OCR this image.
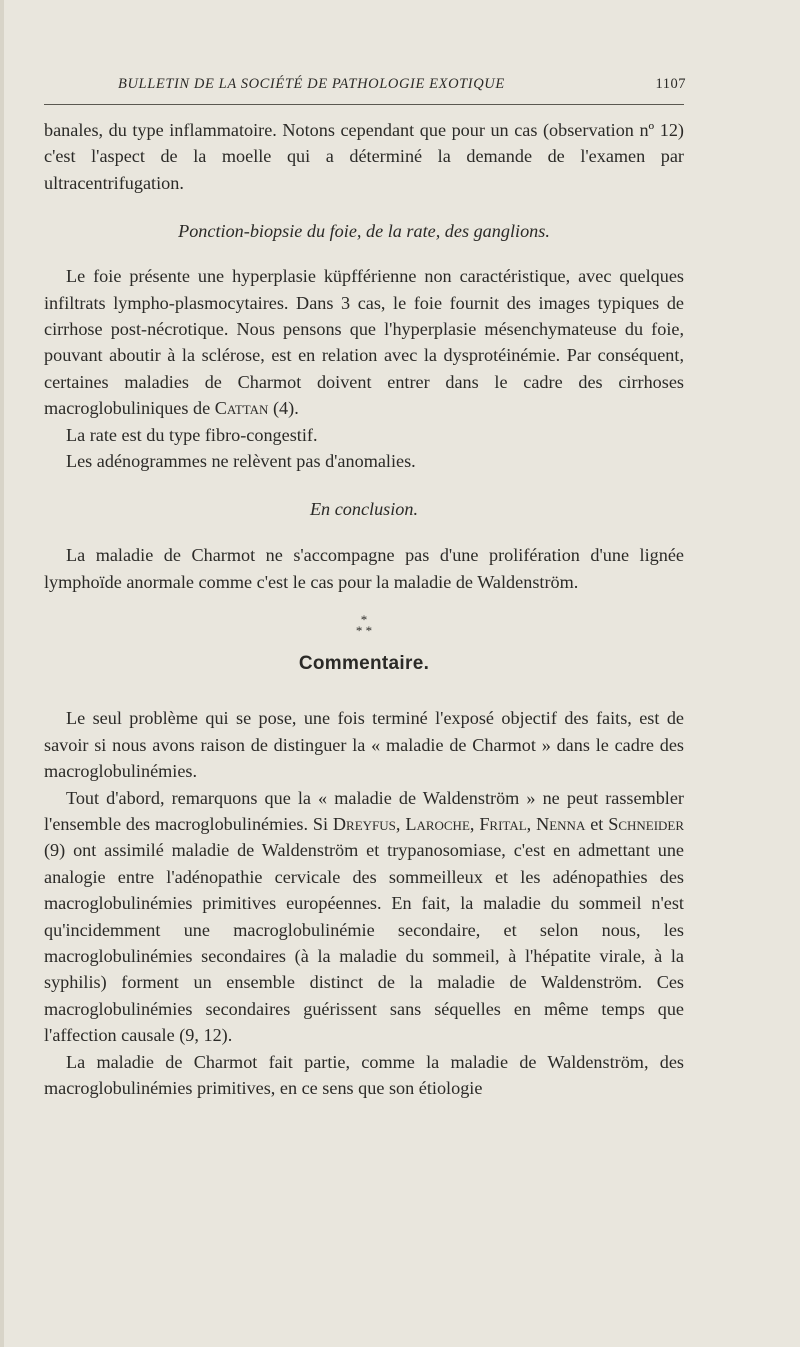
BULLETIN DE LA SOCIÉTÉ DE PATHOLOGIE EXOTIQUE	1107

banales, du type inflammatoire. Notons cependant que pour un cas (observation nº 12) c'est l'aspect de la moelle qui a déterminé la demande de l'examen par ultracentrifugation.

Ponction-biopsie du foie, de la rate, des ganglions.

Le foie présente une hyperplasie küpfférienne non caractéristique, avec quelques infiltrats lympho-plasmocytaires. Dans 3 cas, le foie fournit des images typiques de cirrhose post-nécrotique. Nous pensons que l'hyperplasie mésenchymateuse du foie, pouvant aboutir à la sclérose, est en relation avec la dysprotéinémie. Par conséquent, certaines maladies de Charmot doivent entrer dans le cadre des cirrhoses macroglobuliniques de Cattan (4).

La rate est du type fibro-congestif.

Les adénogrammes ne relèvent pas d'anomalies.

En conclusion.

La maladie de Charmot ne s'accompagne pas d'une prolifération d'une lignée lymphoïde anormale comme c'est le cas pour la maladie de Waldenström.

*
* *
Commentaire.

Le seul problème qui se pose, une fois terminé l'exposé objectif des faits, est de savoir si nous avons raison de distinguer la « maladie de Charmot » dans le cadre des macroglobulinémies.

Tout d'abord, remarquons que la « maladie de Waldenström » ne peut rassembler l'ensemble des macroglobulinémies. Si Dreyfus, Laroche, Frital, Nenna et Schneider (9) ont assimilé maladie de Waldenström et trypanosomiase, c'est en admettant une analogie entre l'adénopathie cervicale des sommeilleux et les adénopathies des macroglobulinémies primitives européennes. En fait, la maladie du sommeil n'est qu'incidemment une macroglobulinémie secondaire, et selon nous, les macroglobulinémies secondaires (à la maladie du sommeil, à l'hépatite virale, à la syphilis) forment un ensemble distinct de la maladie de Waldenström. Ces macroglobulinémies secondaires guérissent sans séquelles en même temps que l'affection causale (9, 12).

La maladie de Charmot fait partie, comme la maladie de Waldenström, des macroglobulinémies primitives, en ce sens que son étiologie
